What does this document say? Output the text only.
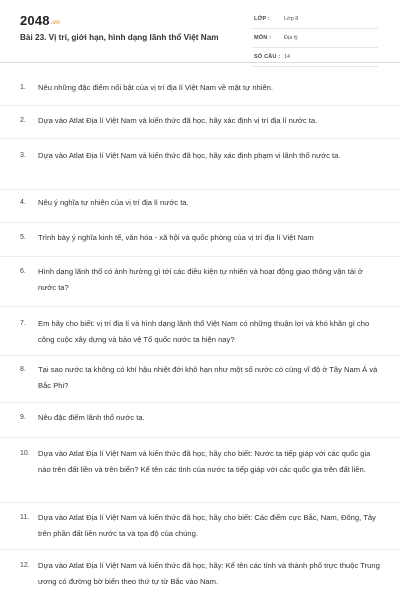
2048.vn
Bài 23. Vị trí, giới hạn, hình dạng lãnh thổ Việt Nam
LỚP :	Lớp 8
MÔN : Địa lý
SỐ CÂU : 14
1. Nêu những đặc điểm nổi bật của vị trí địa lí Việt Nam về mặt tự nhiên.

2. Dựa vào Atlat Địa lí Việt Nam và kiến thức đã học, hãy xác định vị trí địa lí nước ta.

3. Dựa vào Atlat Địa lí Việt Nam và kiến thức đã học, hãy xác định phạm vi lãnh thổ nước ta.

4. Nêu ý nghĩa tự nhiên của vị trí địa lí nước ta.

5. Trình bày ý nghĩa kinh tế, văn hóa - xã hội và quốc phòng của vị trí địa lí Việt Nam

6. Hình dạng lãnh thổ có ảnh hưởng gì tới các điều kiện tự nhiên và hoạt động giao thông vận tải ở nước ta?

7. Em hãy cho biết: vị trí địa lí và hình dạng lãnh thổ Việt Nam có những thuận lợi và khó khăn gì cho công cuộc xây dựng và bảo vệ Tổ quốc nước ta hiện nay?

8. Tại sao nước ta không có khí hậu nhiệt đới khô hạn như một số nước có cùng vĩ độ ở Tây Nam Á và Bắc Phi?

9. Nêu đặc điểm lãnh thổ nước ta.

10. Dựa vào Atlat Địa lí Việt Nam và kiến thức đã học, hãy cho biết: Nước ta tiếp giáp với các quốc gia nào trên đất liền và trên biển? Kể tên các tỉnh của nước ta tiếp giáp với các quốc gia trên đất liền.

11. Dựa vào Atlat Địa lí Việt Nam và kiến thức đã học, hãy cho biết: Các điểm cực Bắc, Nam, Đông, Tây trên phần đất liền nước ta và tọa độ của chúng.

12. Dựa vào Atlat Địa lí Việt Nam và kiến thức đã học, hãy: Kể tên các tỉnh và thành phố trực thuộc Trung ương có đường bờ biển theo thứ tự từ Bắc vào Nam.
